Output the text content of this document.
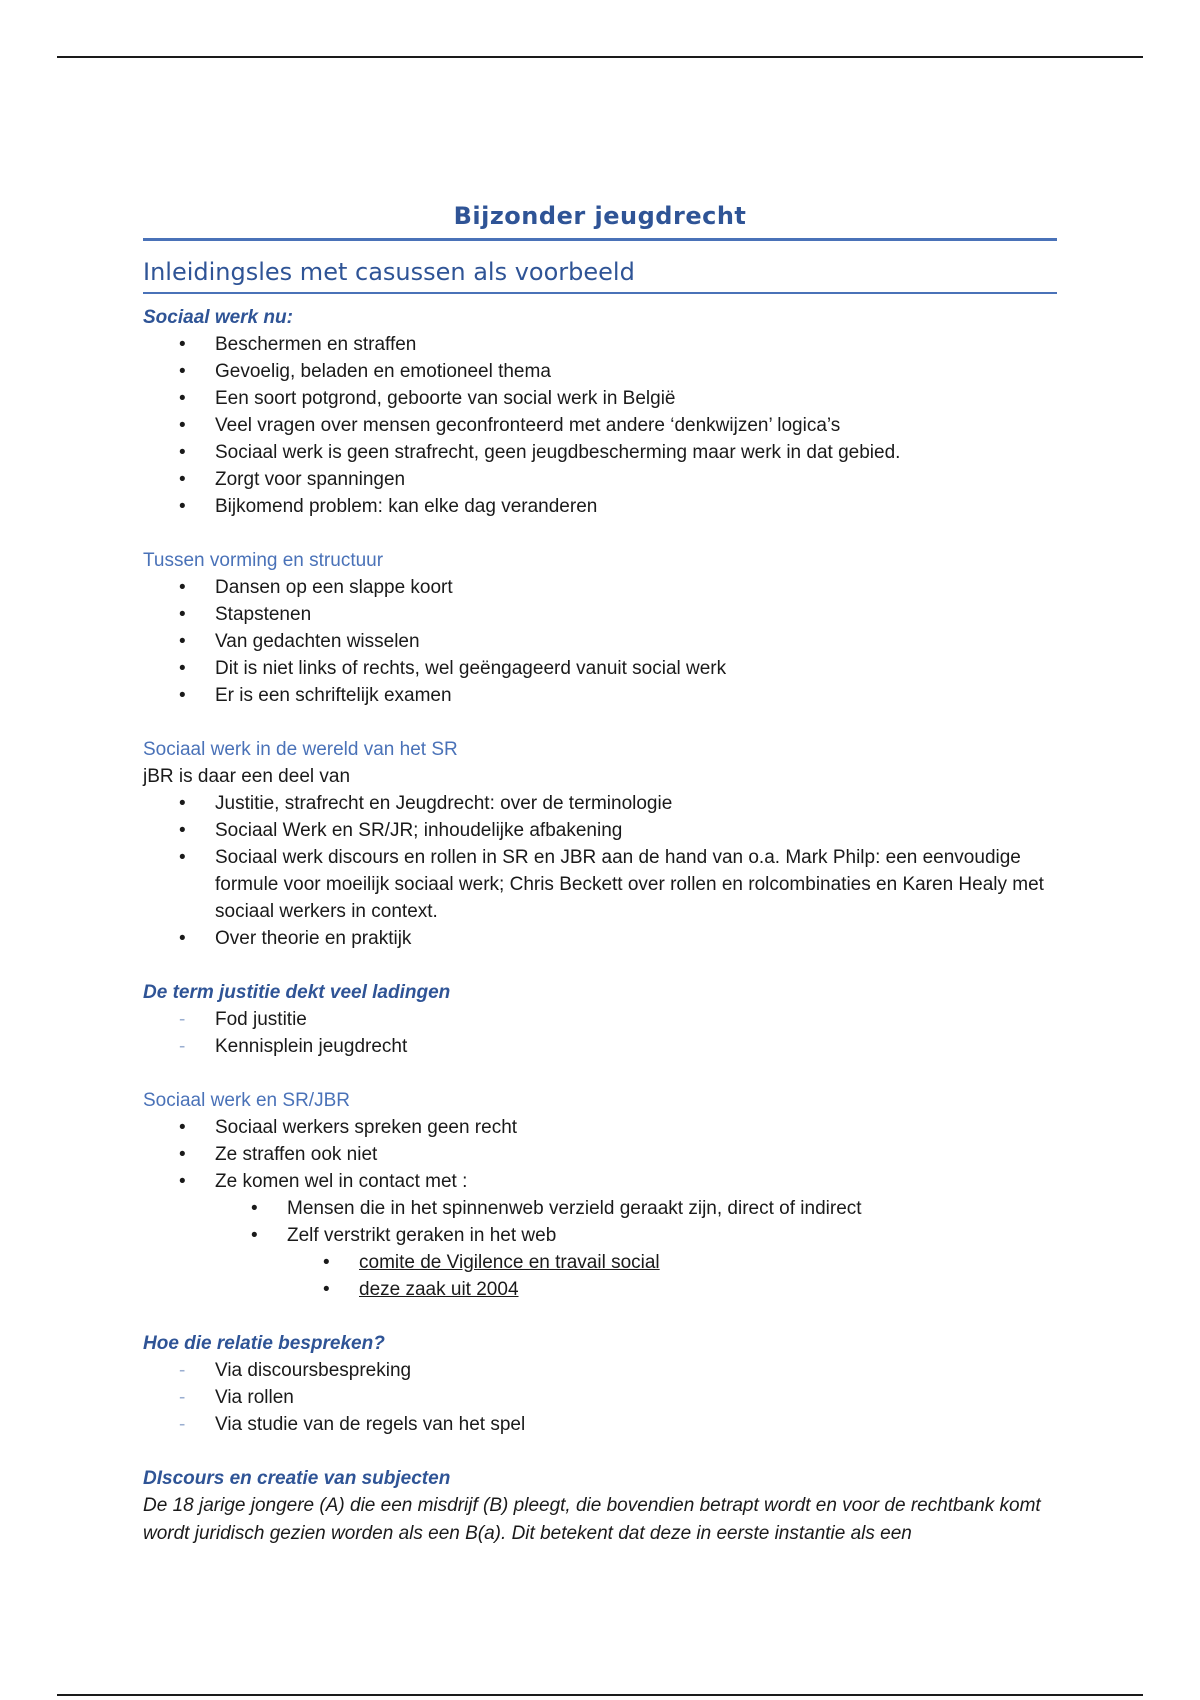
Bijzonder jeugdrecht
Inleidingsles met casussen als voorbeeld

Sociaal werk nu:

•	Beschermen en straffen
•	Gevoelig, beladen en emotioneel thema
•	Een soort potgrond, geboorte van social werk in België
•	Veel vragen over mensen geconfronteerd met andere ‘denkwijzen’ logica’s
•	Sociaal werk is geen strafrecht, geen jeugdbescherming maar werk in dat gebied.
•	Zorgt voor spanningen
•	Bijkomend problem: kan elke dag veranderen

Tussen vorming en structuur

•	Dansen op een slappe koort
•	Stapstenen
•	Van gedachten wisselen
•	Dit is niet links of rechts, wel geëngageerd vanuit social werk
•	Er is een schriftelijk examen

Sociaal werk in de wereld van het SR

jBR is daar een deel van

•	Justitie, strafrecht en Jeugdrecht: over de terminologie
•	Sociaal Werk en SR/JR; inhoudelijke afbakening
•	Sociaal werk discours en rollen in SR en JBR aan de hand van o.a. Mark Philp: een eenvoudige formule voor moeilijk sociaal werk; Chris Beckett over rollen en rolcombinaties en Karen Healy met sociaal werkers in context.
•	Over theorie en praktijk

De term justitie dekt veel ladingen

-	Fod justitie
-	Kennisplein jeugdrecht

Sociaal werk en SR/JBR

•	Sociaal werkers spreken geen recht
•	Ze straffen ook niet
•	Ze komen wel in contact met :
•	Mensen die in het spinnenweb verzield geraakt zijn, direct of indirect
•	Zelf verstrikt geraken in het web
•	comite de Vigilence en travail social
•	deze zaak uit 2004

Hoe die relatie bespreken?

-	Via discoursbespreking
-	Via rollen
-	Via studie van de regels van het spel

DIscours en creatie van subjecten

De 18 jarige jongere (A) die een misdrijf (B) pleegt, die bovendien betrapt wordt en voor de rechtbank komt wordt juridisch gezien worden als een B(a). Dit betekent dat deze in eerste instantie als een
